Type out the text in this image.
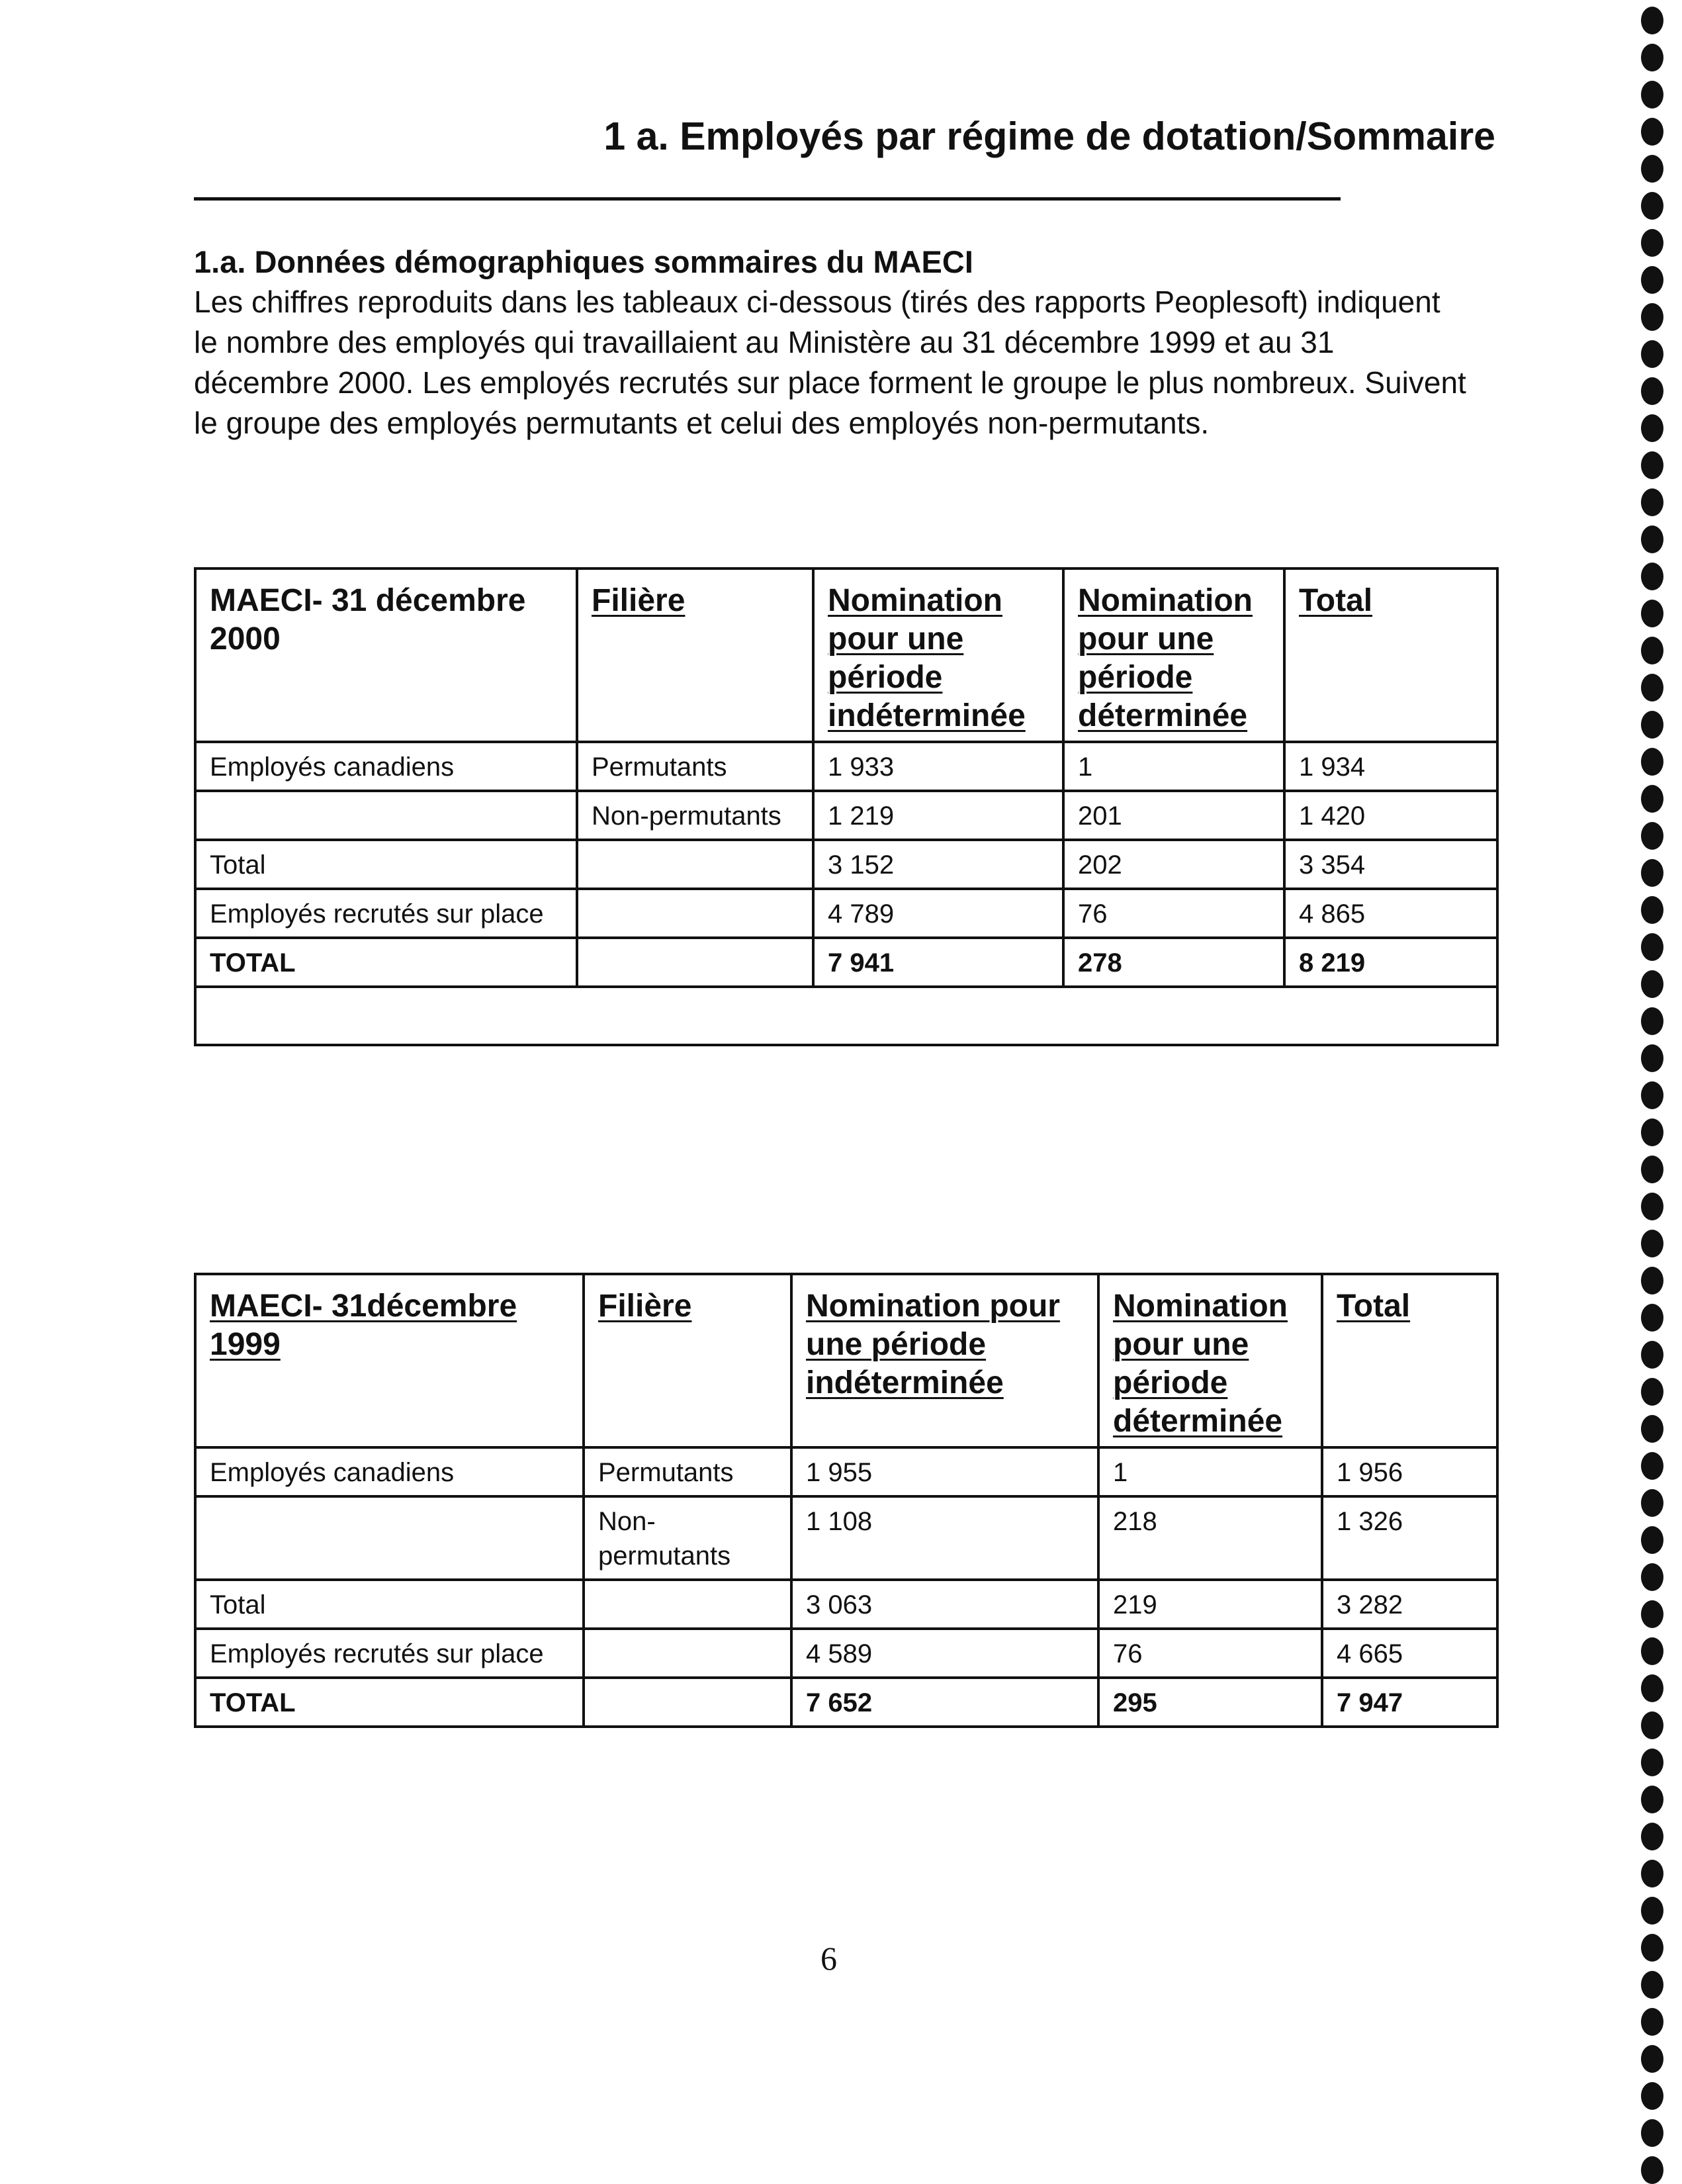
1 a. Employés par régime de dotation/Sommaire

1.a. Données démographiques sommaires du MAECI

Les chiffres reproduits dans les tableaux ci-dessous (tirés des rapports Peoplesoft) indiquent le nombre des employés qui travaillaient au Ministère au 31 décembre 1999 et au 31 décembre 2000. Les employés recrutés sur place forment le groupe le plus nombreux. Suivent le groupe des employés permutants et celui des employés non-permutants.

MAECI- 31 décembre 2000	Filière	Nomination pour une période indéterminée	Nomination pour une période déterminée	Total
Employés canadiens	Permutants	1 933	1	1 934
	Non-permutants	1 219	201	1 420
Total		3 152	202	3 354
Employés recrutés sur place		4 789	76	4 865
TOTAL		7 941	278	8 219

MAECI- 31décembre 1999	Filière	Nomination pour une période indéterminée	Nomination pour une période déterminée	Total
Employés canadiens	Permutants	1 955	1	1 956
	Non-permutants	1 108	218	1 326
Total		3 063	219	3 282
Employés recrutés sur place		4 589	76	4 665
TOTAL		7 652	295	7 947
6
